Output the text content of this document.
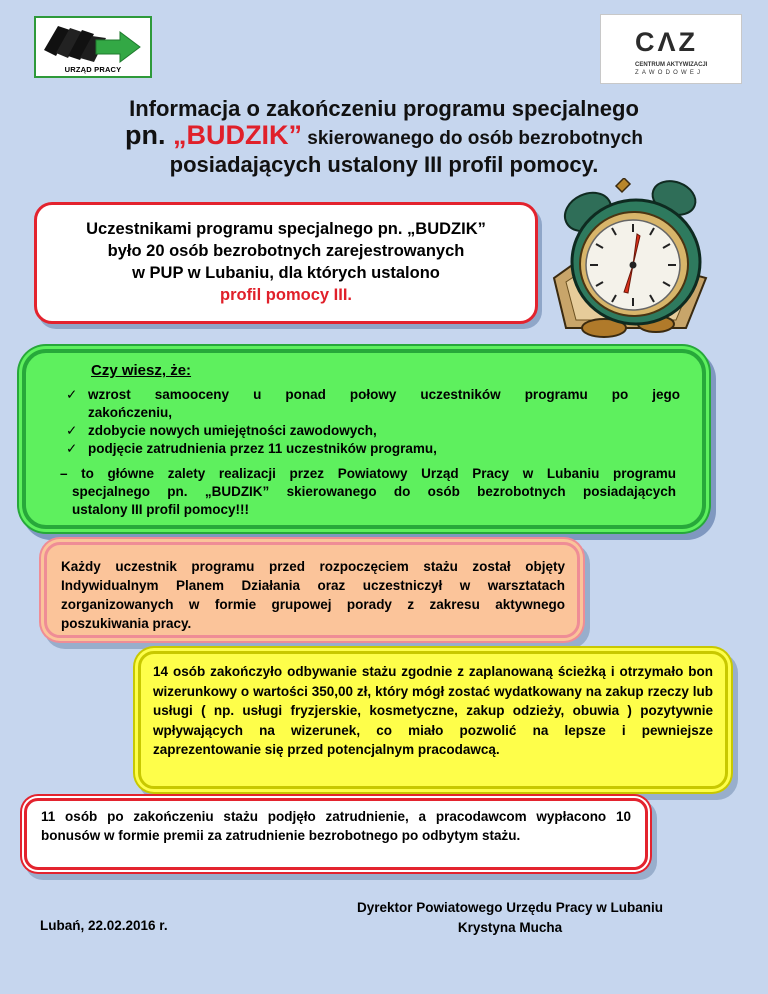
URZĄD PRACY
CΛZ
CENTRUM AKTYWIZACJI
ZAWODOWEJ
Informacja o zakończeniu programu specjalnego
pn. „BUDZIK” skierowanego do osób bezrobotnych
posiadających ustalony III profil pomocy.
Uczestnikami programu specjalnego pn. „BUDZIK”
było 20 osób bezrobotnych zarejestrowanych
w PUP w Lubaniu, dla których ustalono
profil pomocy III.
Czy wiesz, że:
✓ wzrost samooceny u ponad połowy uczestników programu po jego
zakończeniu,
✓ zdobycie nowych umiejętności zawodowych,
✓ podjęcie zatrudnienia przez 11 uczestników programu,
– to główne zalety realizacji przez Powiatowy Urząd Pracy w Lubaniu programu
specjalnego pn. „BUDZIK” skierowanego do osób bezrobotnych posiadających
ustalony III profil pomocy!!!
Każdy uczestnik programu przed rozpoczęciem stażu został objęty Indywidualnym Planem Działania oraz uczestniczył w warsztatach zorganizowanych w formie grupowej porady z zakresu aktywnego poszukiwania pracy.
14 osób zakończyło odbywanie stażu zgodnie z zaplanowaną ścieżką i otrzymało bon wizerunkowy o wartości 350,00 zł, który mógł zostać wydatkowany na zakup rzeczy lub usługi ( np. usługi fryzjerskie, kosmetyczne, zakup odzieży, obuwia ) pozytywnie wpływających na wizerunek, co miało pozwolić na lepsze i pewniejsze zaprezentowanie się przed potencjalnym pracodawcą.
11 osób po zakończeniu stażu podjęło zatrudnienie, a pracodawcom wypłacono 10 bonusów w formie premii za zatrudnienie bezrobotnego po odbytym stażu.
Lubań, 22.02.2016 r.
Dyrektor Powiatowego Urzędu Pracy w Lubaniu
Krystyna Mucha
